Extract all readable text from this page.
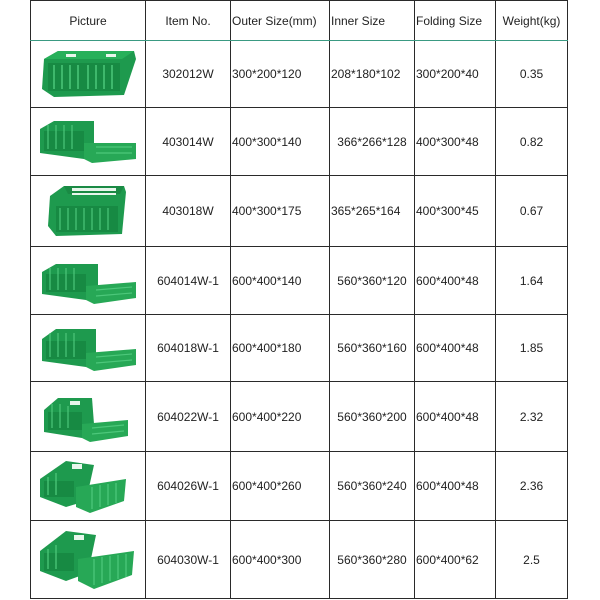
Picture	Item No.	Outer Size(mm)	Inner Size	Folding Size	Weight(kg)

	302012W	300*200*120	208*180*102	300*200*40	0.35

	403014W	400*300*140	366*266*128	400*300*48	0.82

	403018W	400*300*175	365*265*164	400*300*45	0.67

	604014W-1	600*400*140	560*360*120	600*400*48	1.64

	604018W-1	600*400*180	560*360*160	600*400*48	1.85

	604022W-1	600*400*220	560*360*200	600*400*48	2.32

	604026W-1	600*400*260	560*360*240	600*400*48	2.36

	604030W-1	600*400*300	560*360*280	600*400*62	2.5
